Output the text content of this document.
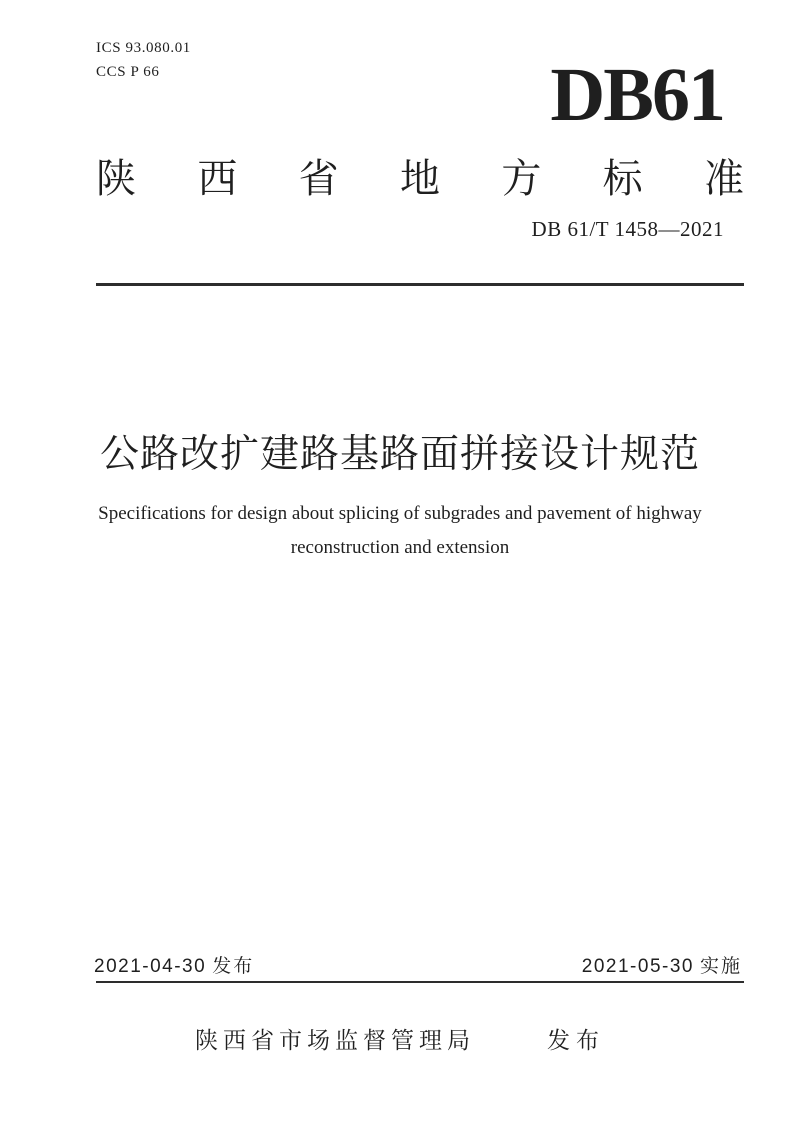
ICS 93.080.01
CCS P 66	DB61
陕西省地方标准
DB 61/T 1458—2021
公路改扩建路基路面拼接设计规范
Specifications for design about splicing of subgrades and pavement of highway
reconstruction and extension
2021-04-30 发布	2021-05-30 实施
陕西省市场监督管理局	发布
